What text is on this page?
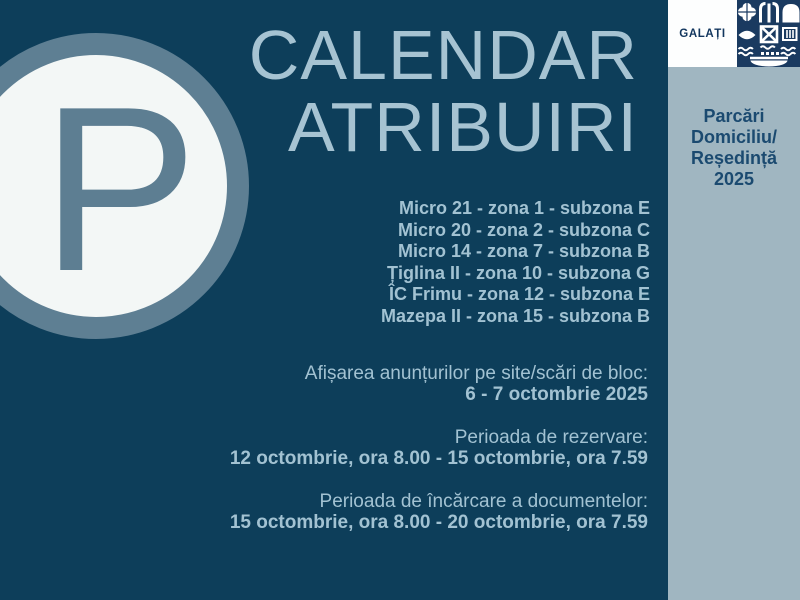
P
CALENDAR
ATRIBUIRI
Micro 21 - zona 1 - subzona E
Micro 20 - zona 2 - subzona C
Micro 14 - zona 7 - subzona B
Țiglina II - zona 10 - subzona G
ÎC Frimu - zona 12 - subzona E
Mazepa II - zona 15 - subzona B
Afișarea anunțurilor pe site/scări de bloc:
6 - 7 octombrie 2025
Perioada de rezervare:
12 octombrie, ora 8.00 - 15 octombrie, ora 7.59
Perioada de încărcare a documentelor:
15 octombrie, ora 8.00 - 20 octombrie, ora 7.59
GALAȚI
Parcări
Domiciliu/
Reședință
2025
